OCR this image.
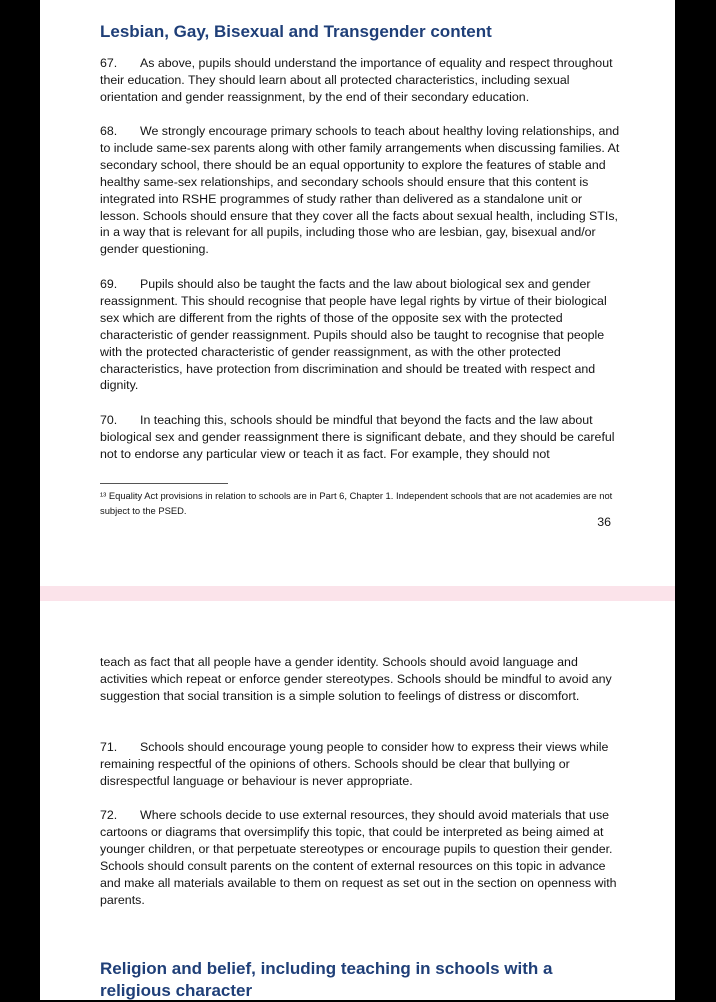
Lesbian, Gay, Bisexual and Transgender content

67. As above, pupils should understand the importance of equality and respect throughout their education. They should learn about all protected characteristics, including sexual orientation and gender reassignment, by the end of their secondary education.

68. We strongly encourage primary schools to teach about healthy loving relationships, and to include same-sex parents along with other family arrangements when discussing families. At secondary school, there should be an equal opportunity to explore the features of stable and healthy same-sex relationships, and secondary schools should ensure that this content is integrated into RSHE programmes of study rather than delivered as a standalone unit or lesson. Schools should ensure that they cover all the facts about sexual health, including STIs, in a way that is relevant for all pupils, including those who are lesbian, gay, bisexual and/or gender questioning.

69. Pupils should also be taught the facts and the law about biological sex and gender reassignment. This should recognise that people have legal rights by virtue of their biological sex which are different from the rights of those of the opposite sex with the protected characteristic of gender reassignment. Pupils should also be taught to recognise that people with the protected characteristic of gender reassignment, as with the other protected characteristics, have protection from discrimination and should be treated with respect and dignity.

70. In teaching this, schools should be mindful that beyond the facts and the law about biological sex and gender reassignment there is significant debate, and they should be careful not to endorse any particular view or teach it as fact. For example, they should not

¹³ Equality Act provisions in relation to schools are in Part 6, Chapter 1. Independent schools that are not academies are not subject to the PSED.

36

teach as fact that all people have a gender identity. Schools should avoid language and activities which repeat or enforce gender stereotypes. Schools should be mindful to avoid any suggestion that social transition is a simple solution to feelings of distress or discomfort.

71. Schools should encourage young people to consider how to express their views while remaining respectful of the opinions of others. Schools should be clear that bullying or disrespectful language or behaviour is never appropriate.

72. Where schools decide to use external resources, they should avoid materials that use cartoons or diagrams that oversimplify this topic, that could be interpreted as being aimed at younger children, or that perpetuate stereotypes or encourage pupils to question their gender. Schools should consult parents on the content of external resources on this topic in advance and make all materials available to them on request as set out in the section on openness with parents.

Religion and belief, including teaching in schools with a religious character
